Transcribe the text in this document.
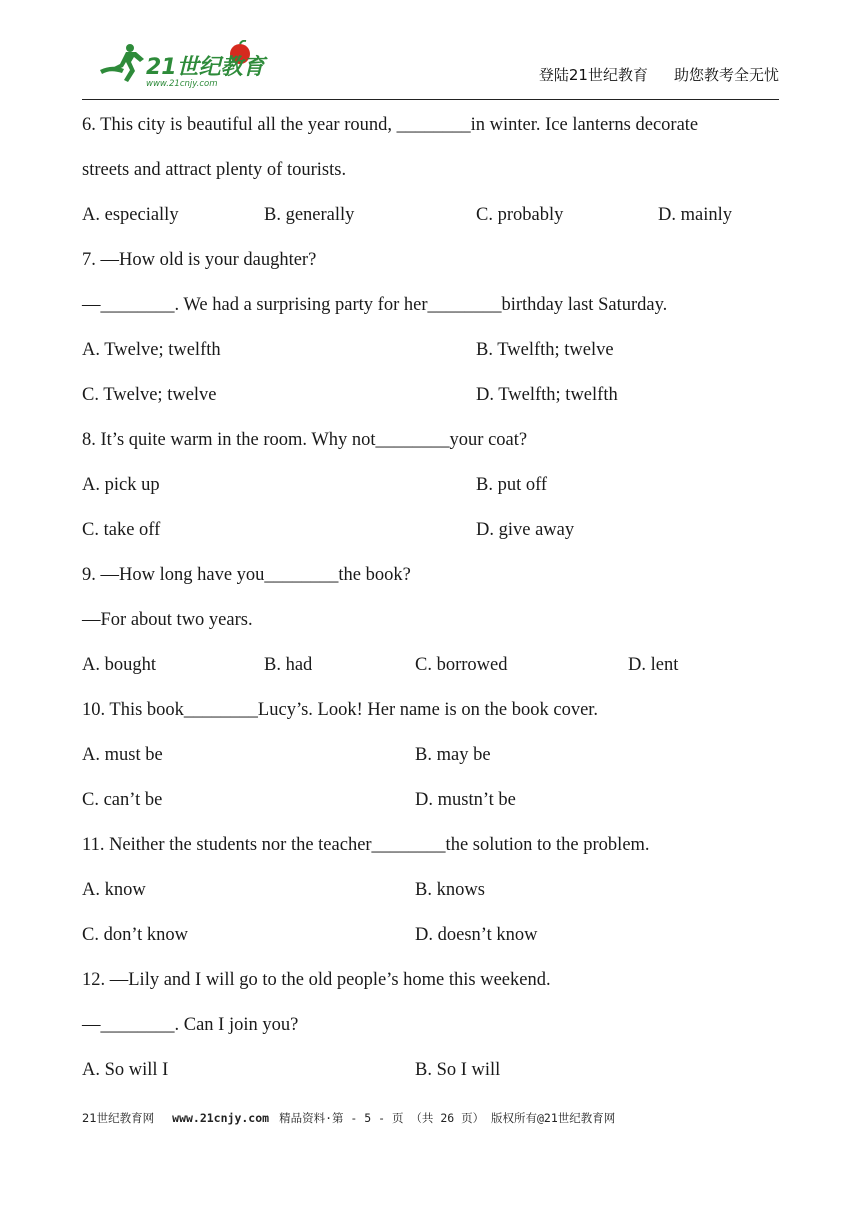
21世纪教育
www.21cnjy.com	登陆21世纪教育 助您教考全无忧
6. This city is beautiful all the year round, ________in winter. Ice lanterns decorate
streets and attract plenty of tourists.
A. especially	B. generally	C. probably	D. mainly
7. —How old is your daughter?
—________. We had a surprising party for her________birthday last Saturday.
A. Twelve; twelfth	B. Twelfth; twelve
C. Twelve; twelve	D. Twelfth; twelfth
8. It’s quite warm in the room. Why not________your coat?
A. pick up	B. put off
C. take off	D. give away
9. —How long have you________the book?
—For about two years.
A. bought	B. had	C. borrowed	D. lent
10. This book________Lucy’s. Look! Her name is on the book cover.
A. must be	B. may be
C. can’t be	D. mustn’t be
11. Neither the students nor the teacher________the solution to the problem.
A. know	B. knows
C. don’t know	D. doesn’t know
12. —Lily and I will go to the old people’s home this weekend.
—________. Can I join you?
A. So will I	B. So I will
21世纪教育网 www.21cnjy.com 精品资料·第 - 5 - 页 （共 26 页） 版权所有@21世纪教育网
